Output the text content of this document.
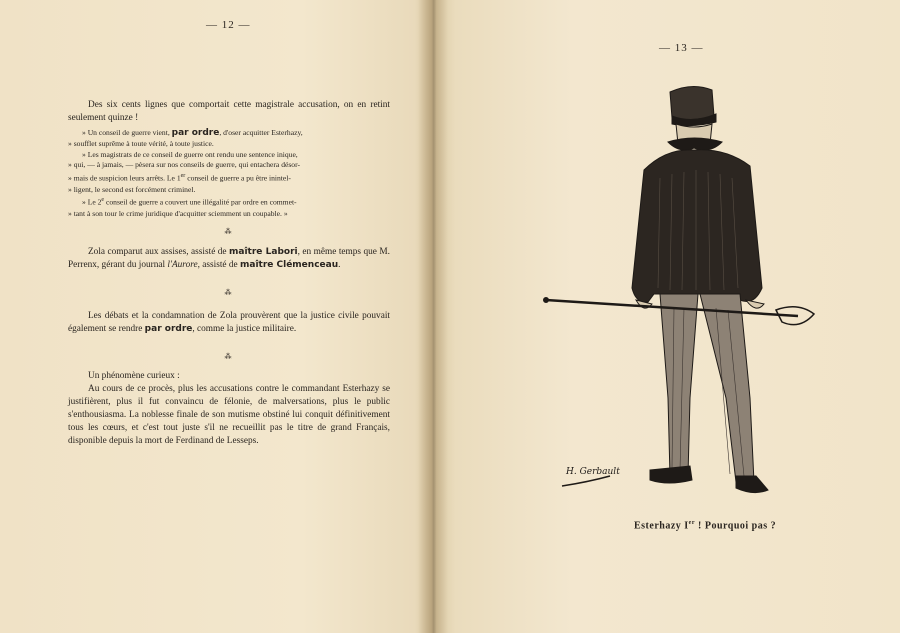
— 12 —
— 13 —

Des six cents lignes que comportait cette magistrale accusation, on en retint seulement quinze !

» Un conseil de guerre vient, par ordre, d'oser acquitter Esterhazy,

» soufflet suprême à toute vérité, à toute justice.

» Les magistrats de ce conseil de guerre ont rendu une sentence inique,

» qui, — à jamais, — pèsera sur nos conseils de guerre, qui entachera désor-

» mais de suspicion leurs arrêts. Le 1er conseil de guerre a pu être inintel-

» ligent, le second est forcément criminel.

» Le 2e conseil de guerre a couvert une illégalité par ordre en commet-

» tant à son tour le crime juridique d'acquitter sciemment un coupable. »

⁂

Zola comparut aux assises, assisté de maître Labori, en même temps que M. Perrenx, gérant du journal l'Aurore, assisté de maître Clémenceau.

⁂

Les débats et la condamnation de Zola prouvèrent que la justice civile pouvait également se rendre par ordre, comme la justice militaire.

⁂

Un phénomène curieux :

Au cours de ce procès, plus les accusations contre le commandant Esterhazy se justifièrent, plus il fut convaincu de félonie, de malversations, plus le public s'enthousiasma. La noblesse finale de son mutisme obstiné lui conquit définitivement tous les cœurs, et c'est tout juste s'il ne recueillit pas le titre de grand Français, disponible depuis la mort de Ferdinand de Lesseps.

H. Gerbault
Esterhazy Ier ! Pourquoi pas ?
